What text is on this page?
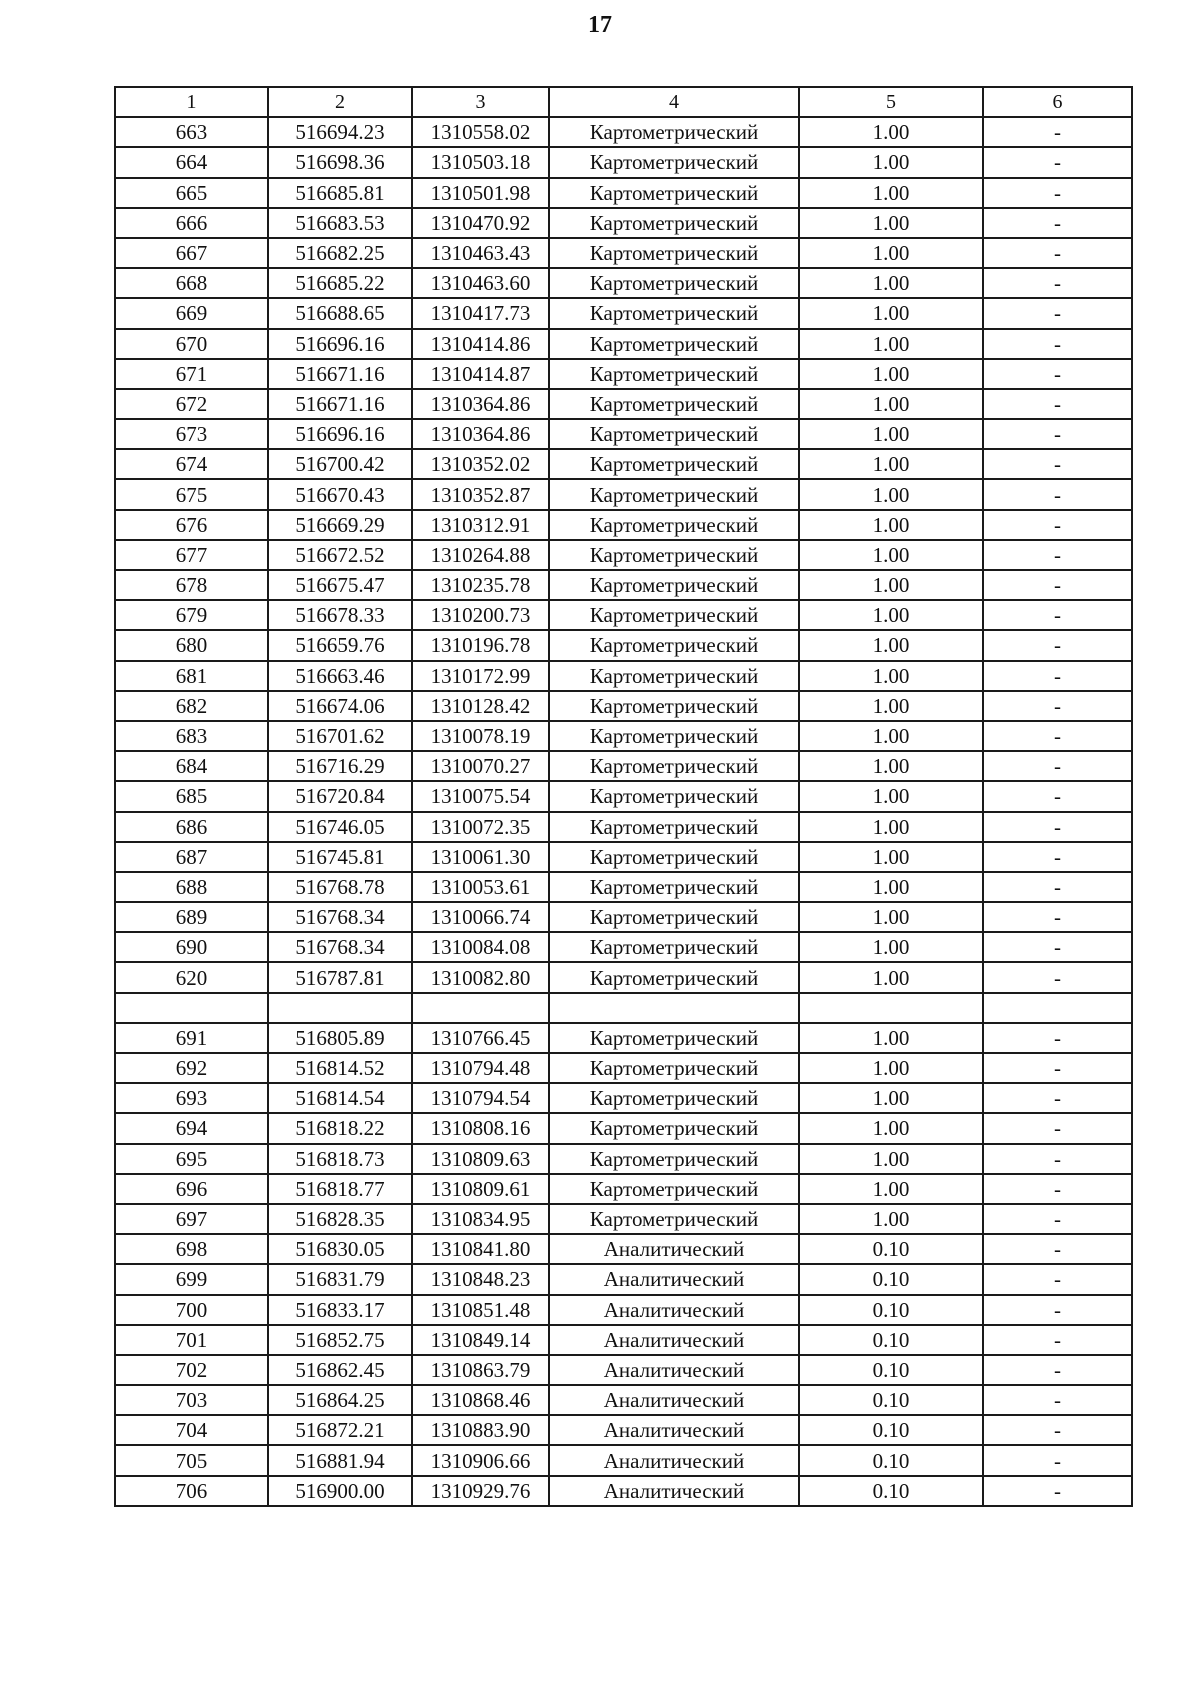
17
1	2	3	4	5	6
663	516694.23	1310558.02	Картометрический	1.00	-
664	516698.36	1310503.18	Картометрический	1.00	-
665	516685.81	1310501.98	Картометрический	1.00	-
666	516683.53	1310470.92	Картометрический	1.00	-
667	516682.25	1310463.43	Картометрический	1.00	-
668	516685.22	1310463.60	Картометрический	1.00	-
669	516688.65	1310417.73	Картометрический	1.00	-
670	516696.16	1310414.86	Картометрический	1.00	-
671	516671.16	1310414.87	Картометрический	1.00	-
672	516671.16	1310364.86	Картометрический	1.00	-
673	516696.16	1310364.86	Картометрический	1.00	-
674	516700.42	1310352.02	Картометрический	1.00	-
675	516670.43	1310352.87	Картометрический	1.00	-
676	516669.29	1310312.91	Картометрический	1.00	-
677	516672.52	1310264.88	Картометрический	1.00	-
678	516675.47	1310235.78	Картометрический	1.00	-
679	516678.33	1310200.73	Картометрический	1.00	-
680	516659.76	1310196.78	Картометрический	1.00	-
681	516663.46	1310172.99	Картометрический	1.00	-
682	516674.06	1310128.42	Картометрический	1.00	-
683	516701.62	1310078.19	Картометрический	1.00	-
684	516716.29	1310070.27	Картометрический	1.00	-
685	516720.84	1310075.54	Картометрический	1.00	-
686	516746.05	1310072.35	Картометрический	1.00	-
687	516745.81	1310061.30	Картометрический	1.00	-
688	516768.78	1310053.61	Картометрический	1.00	-
689	516768.34	1310066.74	Картометрический	1.00	-
690	516768.34	1310084.08	Картометрический	1.00	-
620	516787.81	1310082.80	Картометрический	1.00	-

691	516805.89	1310766.45	Картометрический	1.00	-
692	516814.52	1310794.48	Картометрический	1.00	-
693	516814.54	1310794.54	Картометрический	1.00	-
694	516818.22	1310808.16	Картометрический	1.00	-
695	516818.73	1310809.63	Картометрический	1.00	-
696	516818.77	1310809.61	Картометрический	1.00	-
697	516828.35	1310834.95	Картометрический	1.00	-
698	516830.05	1310841.80	Аналитический	0.10	-
699	516831.79	1310848.23	Аналитический	0.10	-
700	516833.17	1310851.48	Аналитический	0.10	-
701	516852.75	1310849.14	Аналитический	0.10	-
702	516862.45	1310863.79	Аналитический	0.10	-
703	516864.25	1310868.46	Аналитический	0.10	-
704	516872.21	1310883.90	Аналитический	0.10	-
705	516881.94	1310906.66	Аналитический	0.10	-
706	516900.00	1310929.76	Аналитический	0.10	-
